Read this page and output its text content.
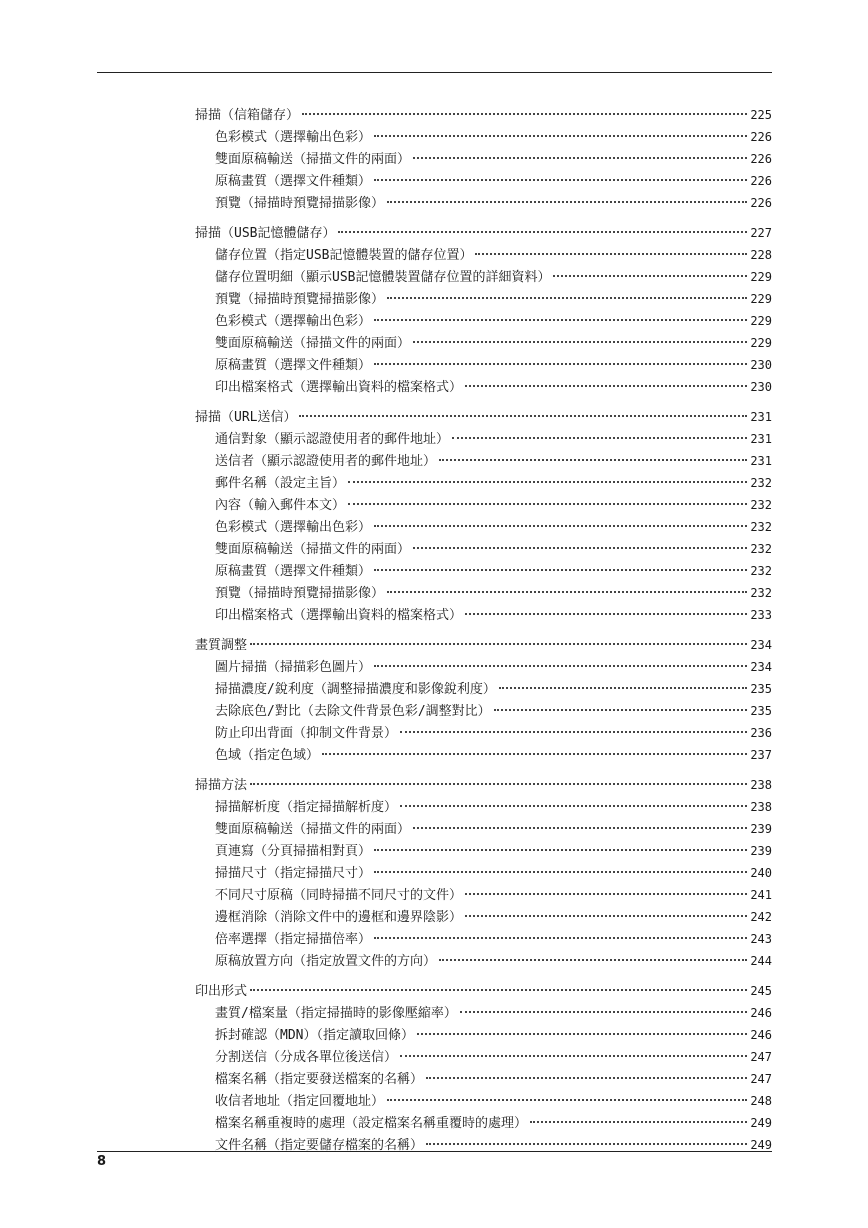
掃描（信箱儲存）	225
色彩模式（選擇輸出色彩）	226
雙面原稿輸送（掃描文件的兩面）	226
原稿畫質（選擇文件種類）	226
預覽（掃描時預覽掃描影像）	226
掃描（USB記憶體儲存）	227
儲存位置（指定USB記憶體裝置的儲存位置）	228
儲存位置明細（顯示USB記憶體裝置儲存位置的詳細資料）	229
預覽（掃描時預覽掃描影像）	229
色彩模式（選擇輸出色彩）	229
雙面原稿輸送（掃描文件的兩面）	229
原稿畫質（選擇文件種類）	230
印出檔案格式（選擇輸出資料的檔案格式）	230
掃描（URL送信）	231
通信對象（顯示認證使用者的郵件地址）	231
送信者（顯示認證使用者的郵件地址）	231
郵件名稱（設定主旨）	232
內容（輸入郵件本文）	232
色彩模式（選擇輸出色彩）	232
雙面原稿輸送（掃描文件的兩面）	232
原稿畫質（選擇文件種類）	232
預覽（掃描時預覽掃描影像）	232
印出檔案格式（選擇輸出資料的檔案格式）	233
畫質調整	234
圖片掃描（掃描彩色圖片）	234
掃描濃度/銳利度（調整掃描濃度和影像銳利度）	235
去除底色/對比（去除文件背景色彩/調整對比）	235
防止印出背面（抑制文件背景）	236
色域（指定色域）	237
掃描方法	238
掃描解析度（指定掃描解析度）	238
雙面原稿輸送（掃描文件的兩面）	239
頁連寫（分頁掃描相對頁）	239
掃描尺寸（指定掃描尺寸）	240
不同尺寸原稿（同時掃描不同尺寸的文件）	241
邊框消除（消除文件中的邊框和邊界陰影）	242
倍率選擇（指定掃描倍率）	243
原稿放置方向（指定放置文件的方向）	244
印出形式	245
畫質/檔案量（指定掃描時的影像壓縮率）	246
拆封確認（MDN）（指定讀取回條）	246
分割送信（分成各單位後送信）	247
檔案名稱（指定要發送檔案的名稱）	247
收信者地址（指定回覆地址）	248
檔案名稱重複時的處理（設定檔案名稱重覆時的處理）	249
文件名稱（指定要儲存檔案的名稱）	249
8
